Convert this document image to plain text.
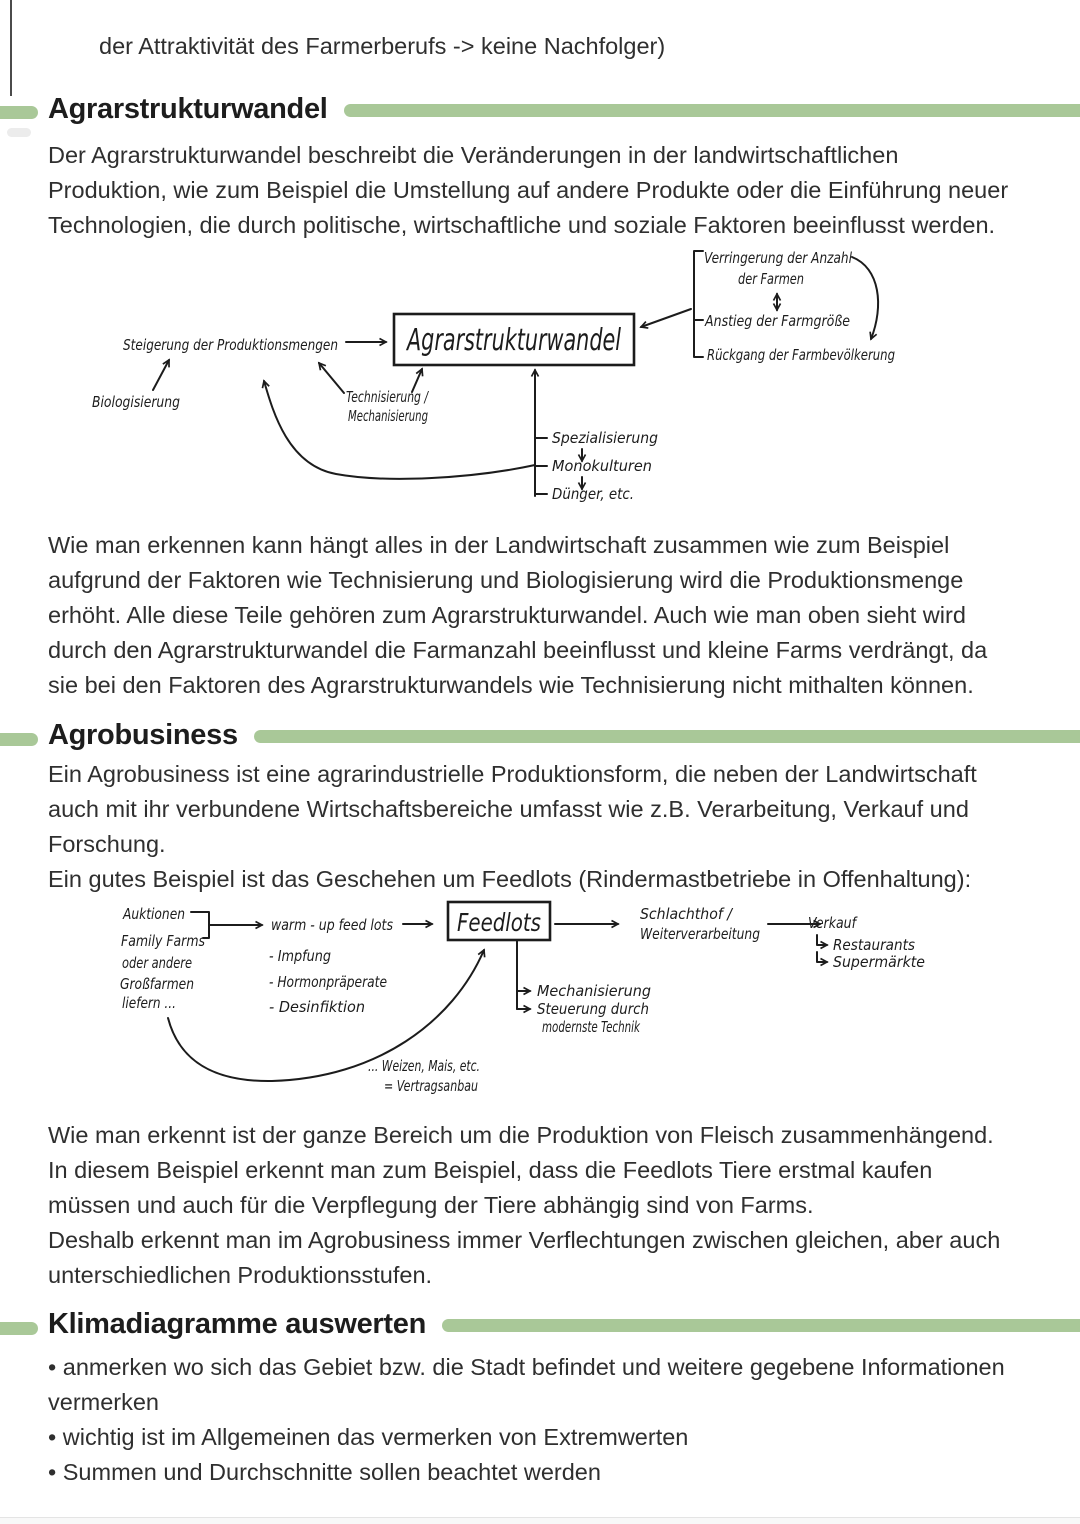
der Attraktivität des Farmerberufs -> keine Nachfolger)
Agrarstrukturwandel
Der Agrarstrukturwandel beschreibt die Veränderungen in der landwirtschaftlichen
Produktion, wie zum Beispiel die Umstellung auf andere Produkte oder die Einführung neuer
Technologien, die durch politische, wirtschaftliche und soziale Faktoren beeinflusst werden.
Agrarstrukturwandel
Steigerung der Produktionsmengen
Biologisierung	Technisierung /
Mechanisierung
Verringerung der Anzahl
der Farmen
Anstieg der Farmgröße
Rückgang der Farmbevölkerung
Spezialisierung
Monokulturen
Dünger, etc.
Wie man erkennen kann hängt alles in der Landwirtschaft zusammen wie zum Beispiel
aufgrund der Faktoren wie Technisierung und Biologisierung wird die Produktionsmenge
erhöht. Alle diese Teile gehören zum Agrarstrukturwandel. Auch wie man oben sieht wird
durch den Agrarstrukturwandel die Farmanzahl beeinflusst und kleine Farms verdrängt, da
sie bei den Faktoren des Agrarstrukturwandels wie Technisierung nicht mithalten können.
Agrobusiness
Ein Agrobusiness ist eine agrarindustrielle Produktionsform, die neben der Landwirtschaft
auch mit ihr verbundene Wirtschaftsbereiche umfasst wie z.B. Verarbeitung, Verkauf und
Forschung.
Ein gutes Beispiel ist das Geschehen um Feedlots (Rindermastbetriebe in Offenhaltung):
Feedlots
Auktionen
Family Farms
oder andere
Großfarmen
liefern ...
warm - up feed lots
- Impfung
- Hormonpräperate
- Desinfiktion
Schlachthof /
Weiterverarbeitung
Verkauf
Restaurants
Supermärkte
Mechanisierung
Steuerung durch
modernste Technik
... Weizen, Mais, etc.
= Vertragsanbau
Wie man erkennt ist der ganze Bereich um die Produktion von Fleisch zusammenhängend.
In diesem Beispiel erkennt man zum Beispiel, dass die Feedlots Tiere erstmal kaufen
müssen und auch für die Verpflegung der Tiere abhängig sind von Farms.
Deshalb erkennt man im Agrobusiness immer Verflechtungen zwischen gleichen, aber auch
unterschiedlichen Produktionsstufen.
Klimadiagramme auswerten
• anmerken wo sich das Gebiet bzw. die Stadt befindet und weitere gegebene Informationen
vermerken
• wichtig ist im Allgemeinen das vermerken von Extremwerten
• Summen und Durchschnitte sollen beachtet werden
